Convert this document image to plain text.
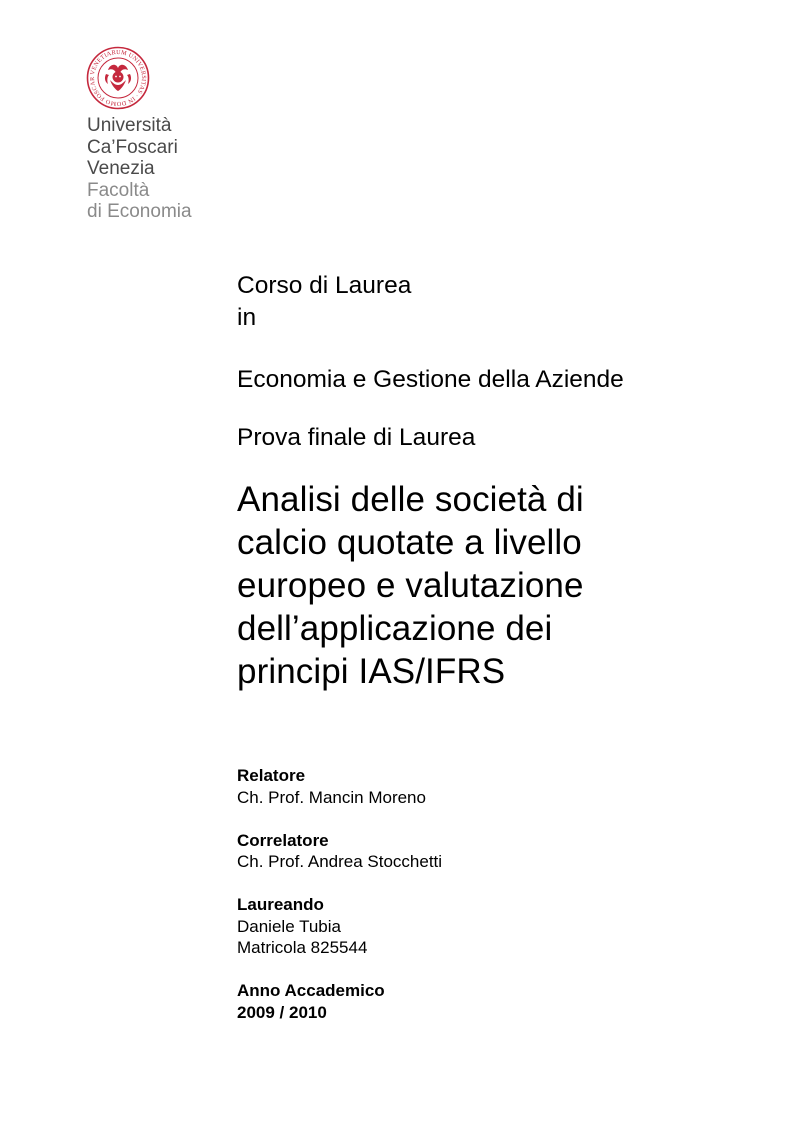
VENETIARUM UNIVERSITAS · IN DOMO FOSCAR
Università
Ca’Foscari
Venezia
Facoltà
di Economia
Corso di Laurea
in
Economia e Gestione della Aziende
Prova finale di Laurea
Analisi delle società di
calcio quotate a livello
europeo e valutazione
dell’applicazione dei
principi IAS/IFRS
Relatore
Ch. Prof. Mancin Moreno
Correlatore
Ch. Prof. Andrea Stocchetti
Laureando
Daniele Tubia
Matricola 825544
Anno Accademico
2009 / 2010
